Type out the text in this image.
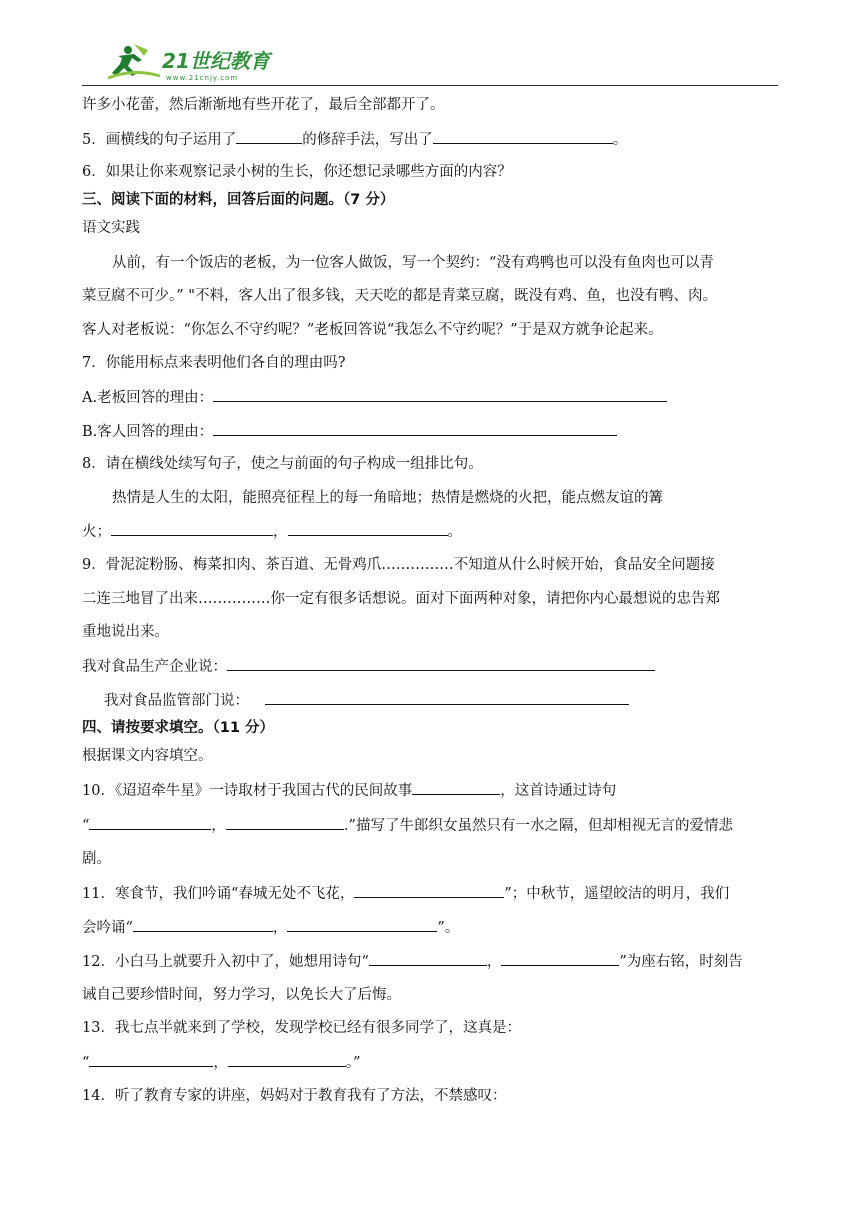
21世纪教育
www.21cnjy.com
许多小花蕾，然后渐渐地有些开花了，最后全部都开了。
5．画横线的句子运用了	的修辞手法，写出了	。
6．如果让你来观察记录小树的生长，你还想记录哪些方面的内容？
三、阅读下面的材料，回答后面的问题。（7 分）
语文实践
从前，有一个饭店的老板，为一位客人做饭，写一个契约：“没有鸡鸭也可以没有鱼肉也可以青
菜豆腐不可少。” "不料，客人出了很多钱，天天吃的都是青菜豆腐，既没有鸡、鱼，也没有鸭、肉。
客人对老板说：“你怎么不守约呢？”老板回答说“我怎么不守约呢？”于是双方就争论起来。
7．你能用标点来表明他们各自的理由吗?
A.老板回答的理由：
B.客人回答的理由：
8．请在横线处续写句子，使之与前面的句子构成一组排比句。
热情是人生的太阳，能照亮征程上的每一角暗地；热情是燃烧的火把，能点燃友谊的篝
火；	，	。
9．骨泥淀粉肠、梅菜扣肉、茶百道、无骨鸡爪……………不知道从什么时候开始，食品安全问题接
二连三地冒了出来……………你一定有很多话想说。面对下面两种对象，请把你内心最想说的忠告郑
重地说出来。
我对食品生产企业说：
我对食品监管部门说：
四、请按要求填空。（11 分）
根据课文内容填空。
10．《迢迢牵牛星》一诗取材于我国古代的民间故事	，这首诗通过诗句
“	，	.”描写了牛郎织女虽然只有一水之隔，但却相视无言的爱情悲
剧。
11．寒食节，我们吟诵“春城无处不飞花，	”；中秋节，遥望皎洁的明月，我们
会吟诵“	，	”。
12．小白马上就要升入初中了，她想用诗句“	，	”为座右铭，时刻告
诫自己要珍惜时间，努力学习，以免长大了后悔。
13．我七点半就来到了学校，发现学校已经有很多同学了，这真是：
“	，	。”
14．听了教育专家的讲座，妈妈对于教育我有了方法，不禁感叹：
